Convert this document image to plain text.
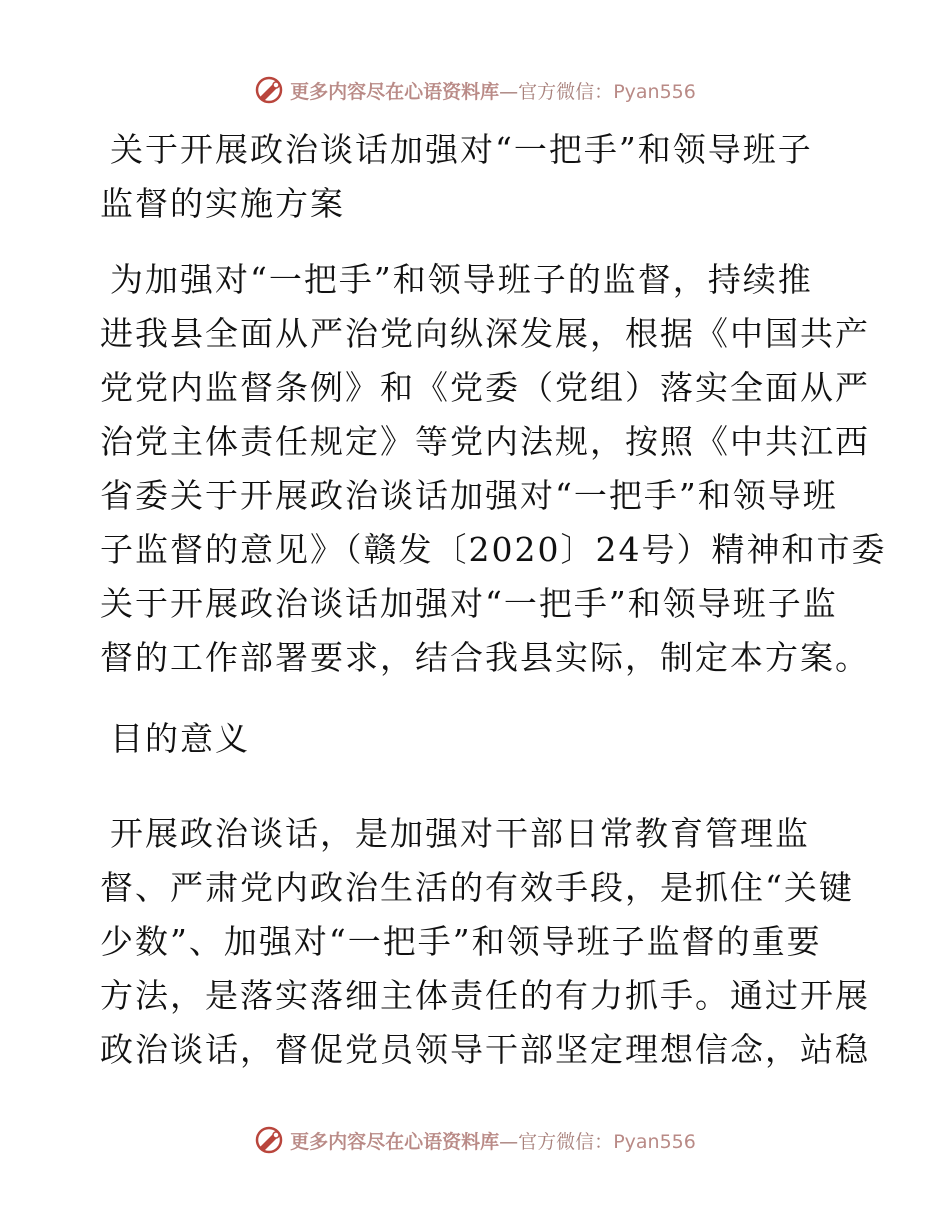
更多内容尽在心语资料库—官方微信：Pyan556
关于开展政治谈话加强对“一把手”和领导班子
监督的实施方案
为加强对“一把手”和领导班子的监督，持续推
进我县全面从严治党向纵深发展，根据《中国共产
党党内监督条例》和《党委（党组）落实全面从严
治党主体责任规定》等党内法规，按照《中共江西
省委关于开展政治谈话加强对“一把手”和领导班
子监督的意见》（赣发〔2020〕24号）精神和市委
关于开展政治谈话加强对“一把手”和领导班子监
督的工作部署要求，结合我县实际，制定本方案。
目的意义
开展政治谈话，是加强对干部日常教育管理监
督、严肃党内政治生活的有效手段，是抓住“关键
少数”、加强对“一把手”和领导班子监督的重要
方法，是落实落细主体责任的有力抓手。通过开展
政治谈话，督促党员领导干部坚定理想信念，站稳
更多内容尽在心语资料库—官方微信：Pyan556
